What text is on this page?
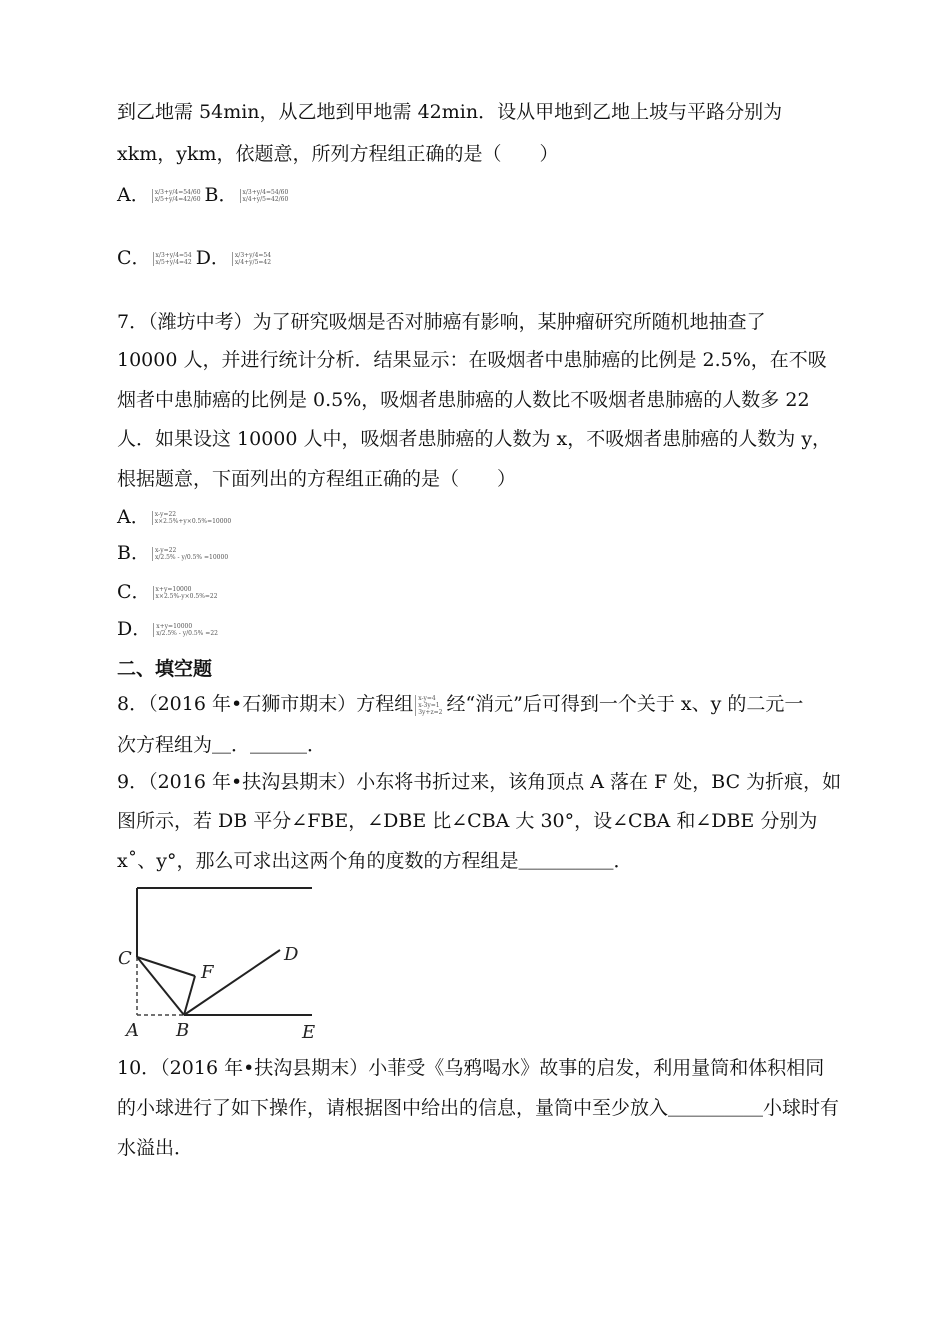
到乙地需 54min，从乙地到甲地需 42min．设从甲地到乙地上坡与平路分别为
xkm，ykm，依题意，所列方程组正确的是（　　）
A． x/3+y/4=54/60
x/5+y/4=42/60 B． x/3+y/4=54/60
x/4+y/5=42/60
C． x/3+y/4=54
x/5+y/4=42 D． x/3+y/4=54
x/4+y/5=42
7．（潍坊中考）为了研究吸烟是否对肺癌有影响，某肿瘤研究所随机地抽查了
10000 人，并进行统计分析．结果显示：在吸烟者中患肺癌的比例是 2.5%，在不吸
烟者中患肺癌的比例是 0.5%，吸烟者患肺癌的人数比不吸烟者患肺癌的人数多 22
人．如果设这 10000 人中，吸烟者患肺癌的人数为 x，不吸烟者患肺癌的人数为 y，
根据题意，下面列出的方程组正确的是（　　）
A． x-y=22
x×2.5%+y×0.5%=10000
B． x-y=22
x/2.5% - y/0.5% =10000
C． x+y=10000
x×2.5%-y×0.5%=22
D． x+y=10000
x/2.5% - y/0.5% =22
二、填空题
8．（2016 年•石狮市期末）方程组 x-y=4
x-3y=1
3y+z=2 经“消元”后可得到一个关于 x、y 的二元一
次方程组为＿．＿＿＿．
9．（2016 年•扶沟县期末）小东将书折过来，该角顶点 A 落在 F 处，BC 为折痕，如
图所示，若 DB 平分∠FBE，∠DBE 比∠CBA 大 30°，设∠CBA 和∠DBE 分别为
x˚、y°，那么可求出这两个角的度数的方程组是＿＿＿＿＿．
C
F
D
A B	E
10．（2016 年•扶沟县期末）小菲受《乌鸦喝水》故事的启发，利用量筒和体积相同
的小球进行了如下操作，请根据图中给出的信息，量筒中至少放入＿＿＿＿＿小球时有
水溢出．
